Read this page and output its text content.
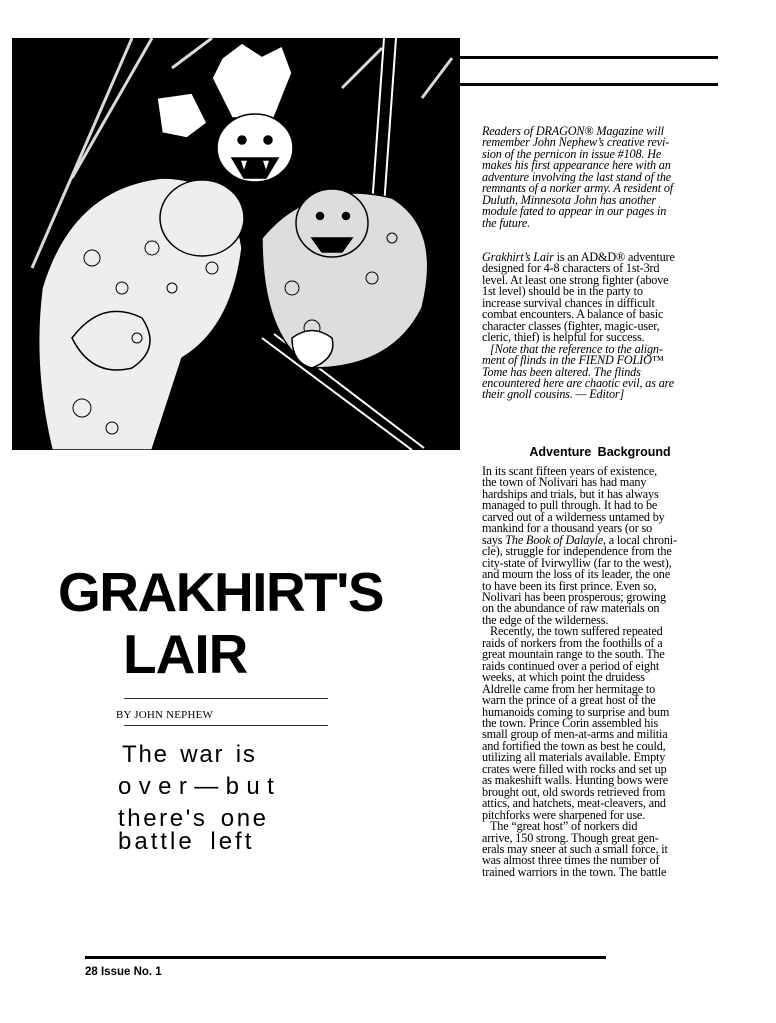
Readers of DRAGON® Magazine will
remember John Nephew’s creative revi-
sion of the pernicon in issue #108. He
makes his first appearance here with an
adventure involving the last stand of the
remnants of a norker army. A resident of
Duluth, Minnesota John has another
module fated to appear in our pages in
the future.
Grakhirt’s Lair is an AD&D® adventure
designed for 4-8 characters of 1st-3rd
level. At least one strong fighter (above
1st level) should be in the party to
increase survival chances in difficult
combat encounters. A balance of basic
character classes (fighter, magic-user,
cleric, thief) is helpful for success.
[Note that the reference to the align-
ment of flinds in the FIEND FOLIO™
Tome has been altered. The flinds
encountered here are chaotic evil, as are
their gnoll cousins. — Editor]
Adventure Background
In its scant fifteen years of existence,
the town of Nolivari has had many
hardships and trials, but it has always
managed to pull through. It had to be
carved out of a wilderness untamed by
mankind for a thousand years (or so
says The Book of Dalayle, a local chroni-
cle), struggle for independence from the
city-state of Ivirwylliw (far to the west),
and mourn the loss of its leader, the one
to have been its first prince. Even so,
Nolivari has been prosperous; growing
on the abundance of raw materials on
the edge of the wilderness.
Recently, the town suffered repeated
raids of norkers from the foothills of a
great mountain range to the south. The
raids continued over a period of eight
weeks, at which point the druidess
Aldrelle came from her hermitage to
warn the prince of a great host of the
humanoids coming to surprise and bum
the town. Prince Corin assembled his
small group of men-at-arms and militia
and fortified the town as best he could,
utilizing all materials available. Empty
crates were filled with rocks and set up
as makeshift walls. Hunting bows were
brought out, old swords retrieved from
attics, and hatchets, meat-cleavers, and
pitchforks were sharpened for use.
The “great host” of norkers did
arrive, 150 strong. Though great gen-
erals may sneer at such a small force, it
was almost three times the number of
trained warriors in the town. The battle
GRAKHIRT'S
LAIR
BY JOHN NEPHEW
The war is
over—but
there's one
battle left
28 Issue No. 1
